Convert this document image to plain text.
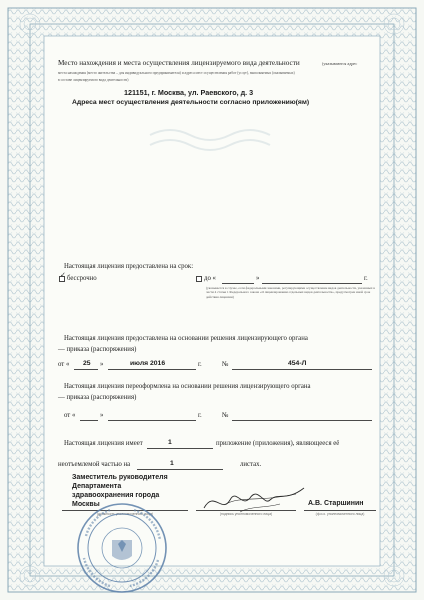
Место нахождения и места осуществления лицензируемого вида деятельности	(указываются адрес
места нахождения (место жительства – для индивидуального предпринимателя) и адреса мест осуществления работ (услуг), выполняемых (оказываемых)
в составе лицензируемого вида деятельности)
121151, г. Москва, ул. Раевского, д. 3
Адреса мест осуществления деятельности согласно приложению(ям)
Настоящая лицензия предоставлена на срок:
✓ бессрочно	до «	»	г.
(указывается в случае, если федеральными законами, регулирующими осуществление видов деятельности, указанных в части 4 статьи 1 Федерального закона «О лицензировании отдельных видов деятельности», предусмотрен иной срок действия лицензии)
Настоящая лицензия предоставлена на основании решения лицензирующего органа
— приказа (распоряжения)
от « 25 »	июля 2016	г.	№	454-Л
Настоящая лицензия переоформлена на основании решения лицензирующего органа
— приказа (распоряжения)
от «	»	г.	№
Настоящая лицензия имеет	1	приложение (приложения), являющееся её
неотъемлемой частью на	1	листах.
Заместитель руководителя
Департамента
здравоохранения города
Москвы
(должность уполномоченного лица)	(подпись уполномоченного лица)	(ф.и.о. уполномоченного лица)
А.В. Старшинин
